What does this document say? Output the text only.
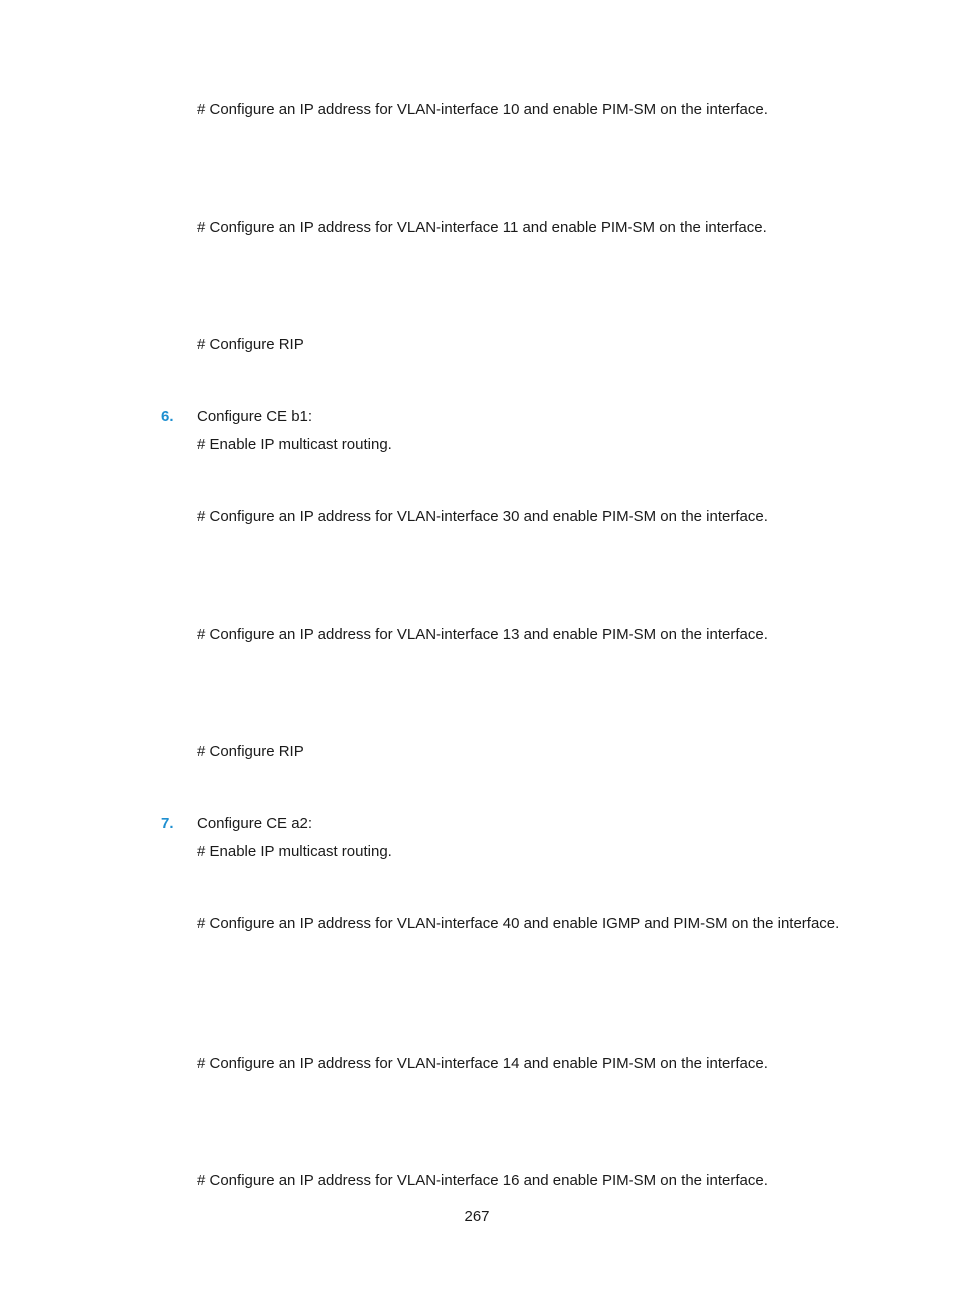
# Configure an IP address for VLAN-interface 10 and enable PIM-SM on the interface.
# Configure an IP address for VLAN-interface 11 and enable PIM-SM on the interface.
# Configure RIP
6. Configure CE b1:
# Enable IP multicast routing.
# Configure an IP address for VLAN-interface 30 and enable PIM-SM on the interface.
# Configure an IP address for VLAN-interface 13 and enable PIM-SM on the interface.
# Configure RIP
7. Configure CE a2:
# Enable IP multicast routing.
# Configure an IP address for VLAN-interface 40 and enable IGMP and PIM-SM on the interface.
# Configure an IP address for VLAN-interface 14 and enable PIM-SM on the interface.
# Configure an IP address for VLAN-interface 16 and enable PIM-SM on the interface.
267
